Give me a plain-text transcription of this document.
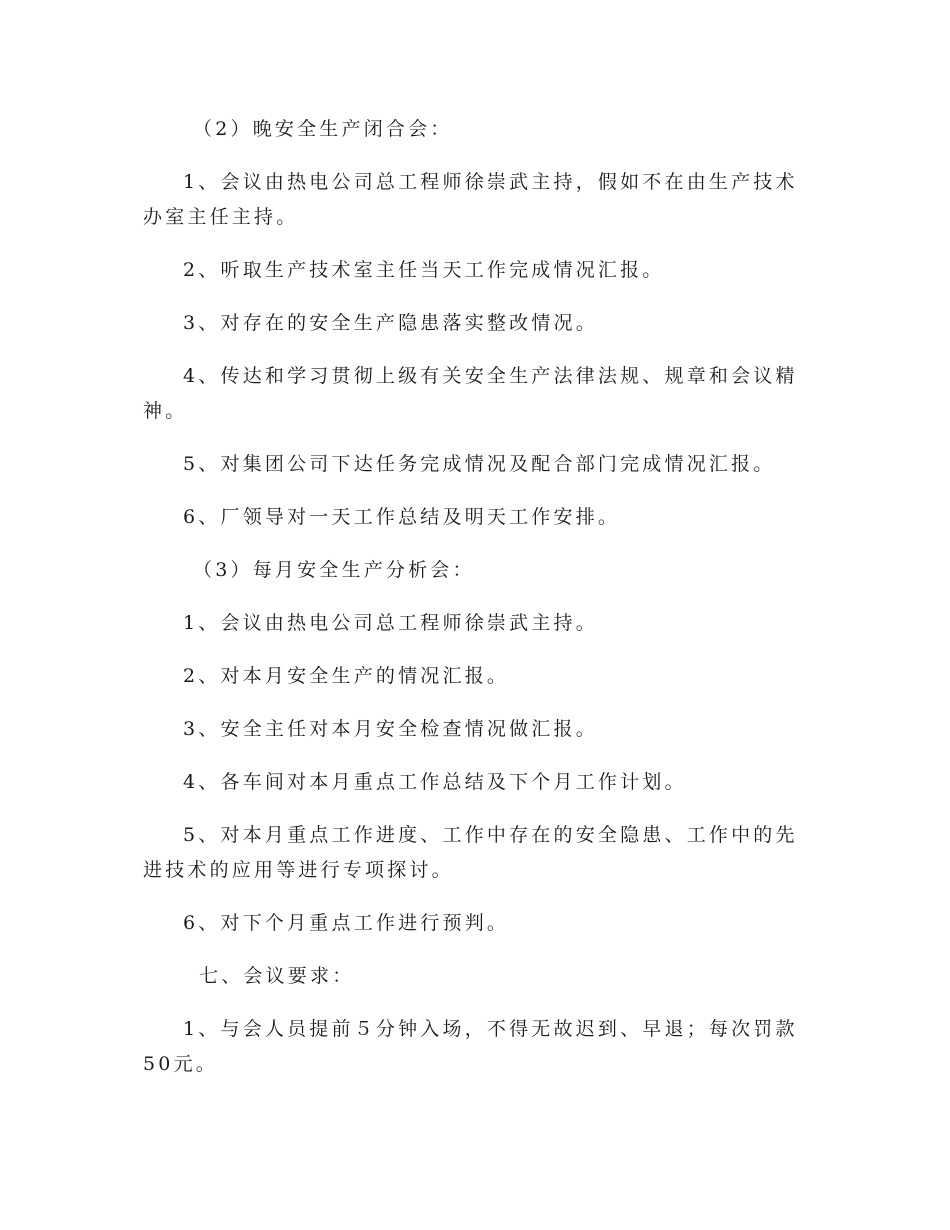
（2）晚安全生产闭合会：

1、会议由热电公司总工程师徐崇武主持，假如不在由生产技术办室主任主持。

2、听取生产技术室主任当天工作完成情况汇报。

3、对存在的安全生产隐患落实整改情况。

4、传达和学习贯彻上级有关安全生产法律法规、规章和会议精神。

5、对集团公司下达任务完成情况及配合部门完成情况汇报。

6、厂领导对一天工作总结及明天工作安排。

（3）每月安全生产分析会：

1、会议由热电公司总工程师徐崇武主持。

2、对本月安全生产的情况汇报。

3、安全主任对本月安全检查情况做汇报。

4、各车间对本月重点工作总结及下个月工作计划。

5、对本月重点工作进度、工作中存在的安全隐患、工作中的先进技术的应用等进行专项探讨。

6、对下个月重点工作进行预判。

七、会议要求：

1、与会人员提前５分钟入场，不得无故迟到、早退；每次罚款50元。
